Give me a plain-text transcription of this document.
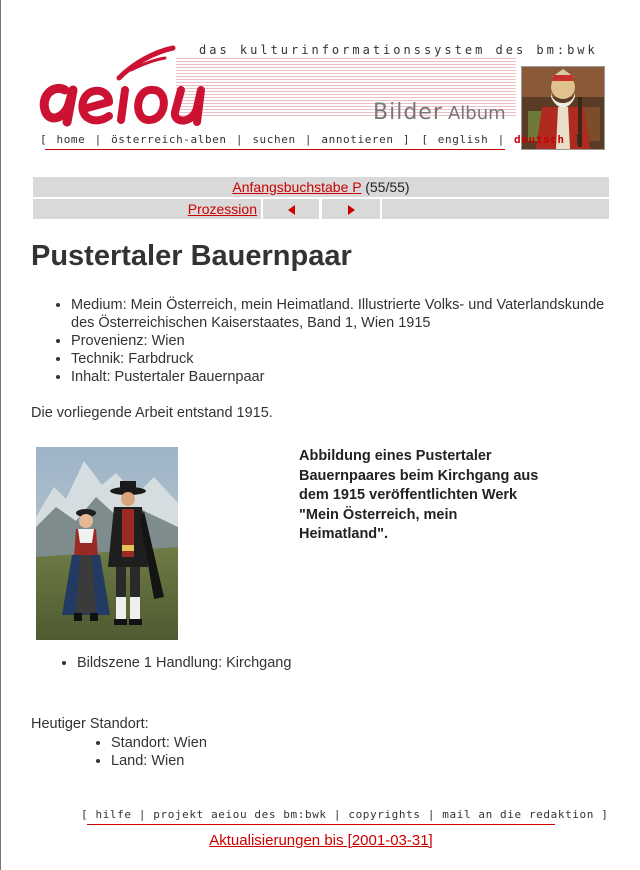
das kulturinformationssystem des bm:bwk
Bilder Album
[ home | österreich-alben | suchen | annotieren ] [ english | deutsch ]
Anfangsbuchstabe P (55/55)
Prozession
Pustertaler Bauernpaar
• Medium: Mein Österreich, mein Heimatland. Illustrierte Volks- und Vaterlandskunde des Österreichischen Kaiserstaates, Band 1, Wien 1915
• Provenienz: Wien
• Technik: Farbdruck
• Inhalt: Pustertaler Bauernpaar

Die vorliegende Arbeit entstand 1915.

Abbildung eines Pustertaler Bauernpaares beim Kirchgang aus dem 1915 veröffentlichten Werk "Mein Österreich, mein Heimatland".

• Bildszene 1 Handlung: Kirchgang

Heutiger Standort:

• Standort: Wien
• Land: Wien
[ hilfe | projekt aeiou des bm:bwk | copyrights | mail an die redaktion ]
Aktualisierungen bis [2001-03-31]
